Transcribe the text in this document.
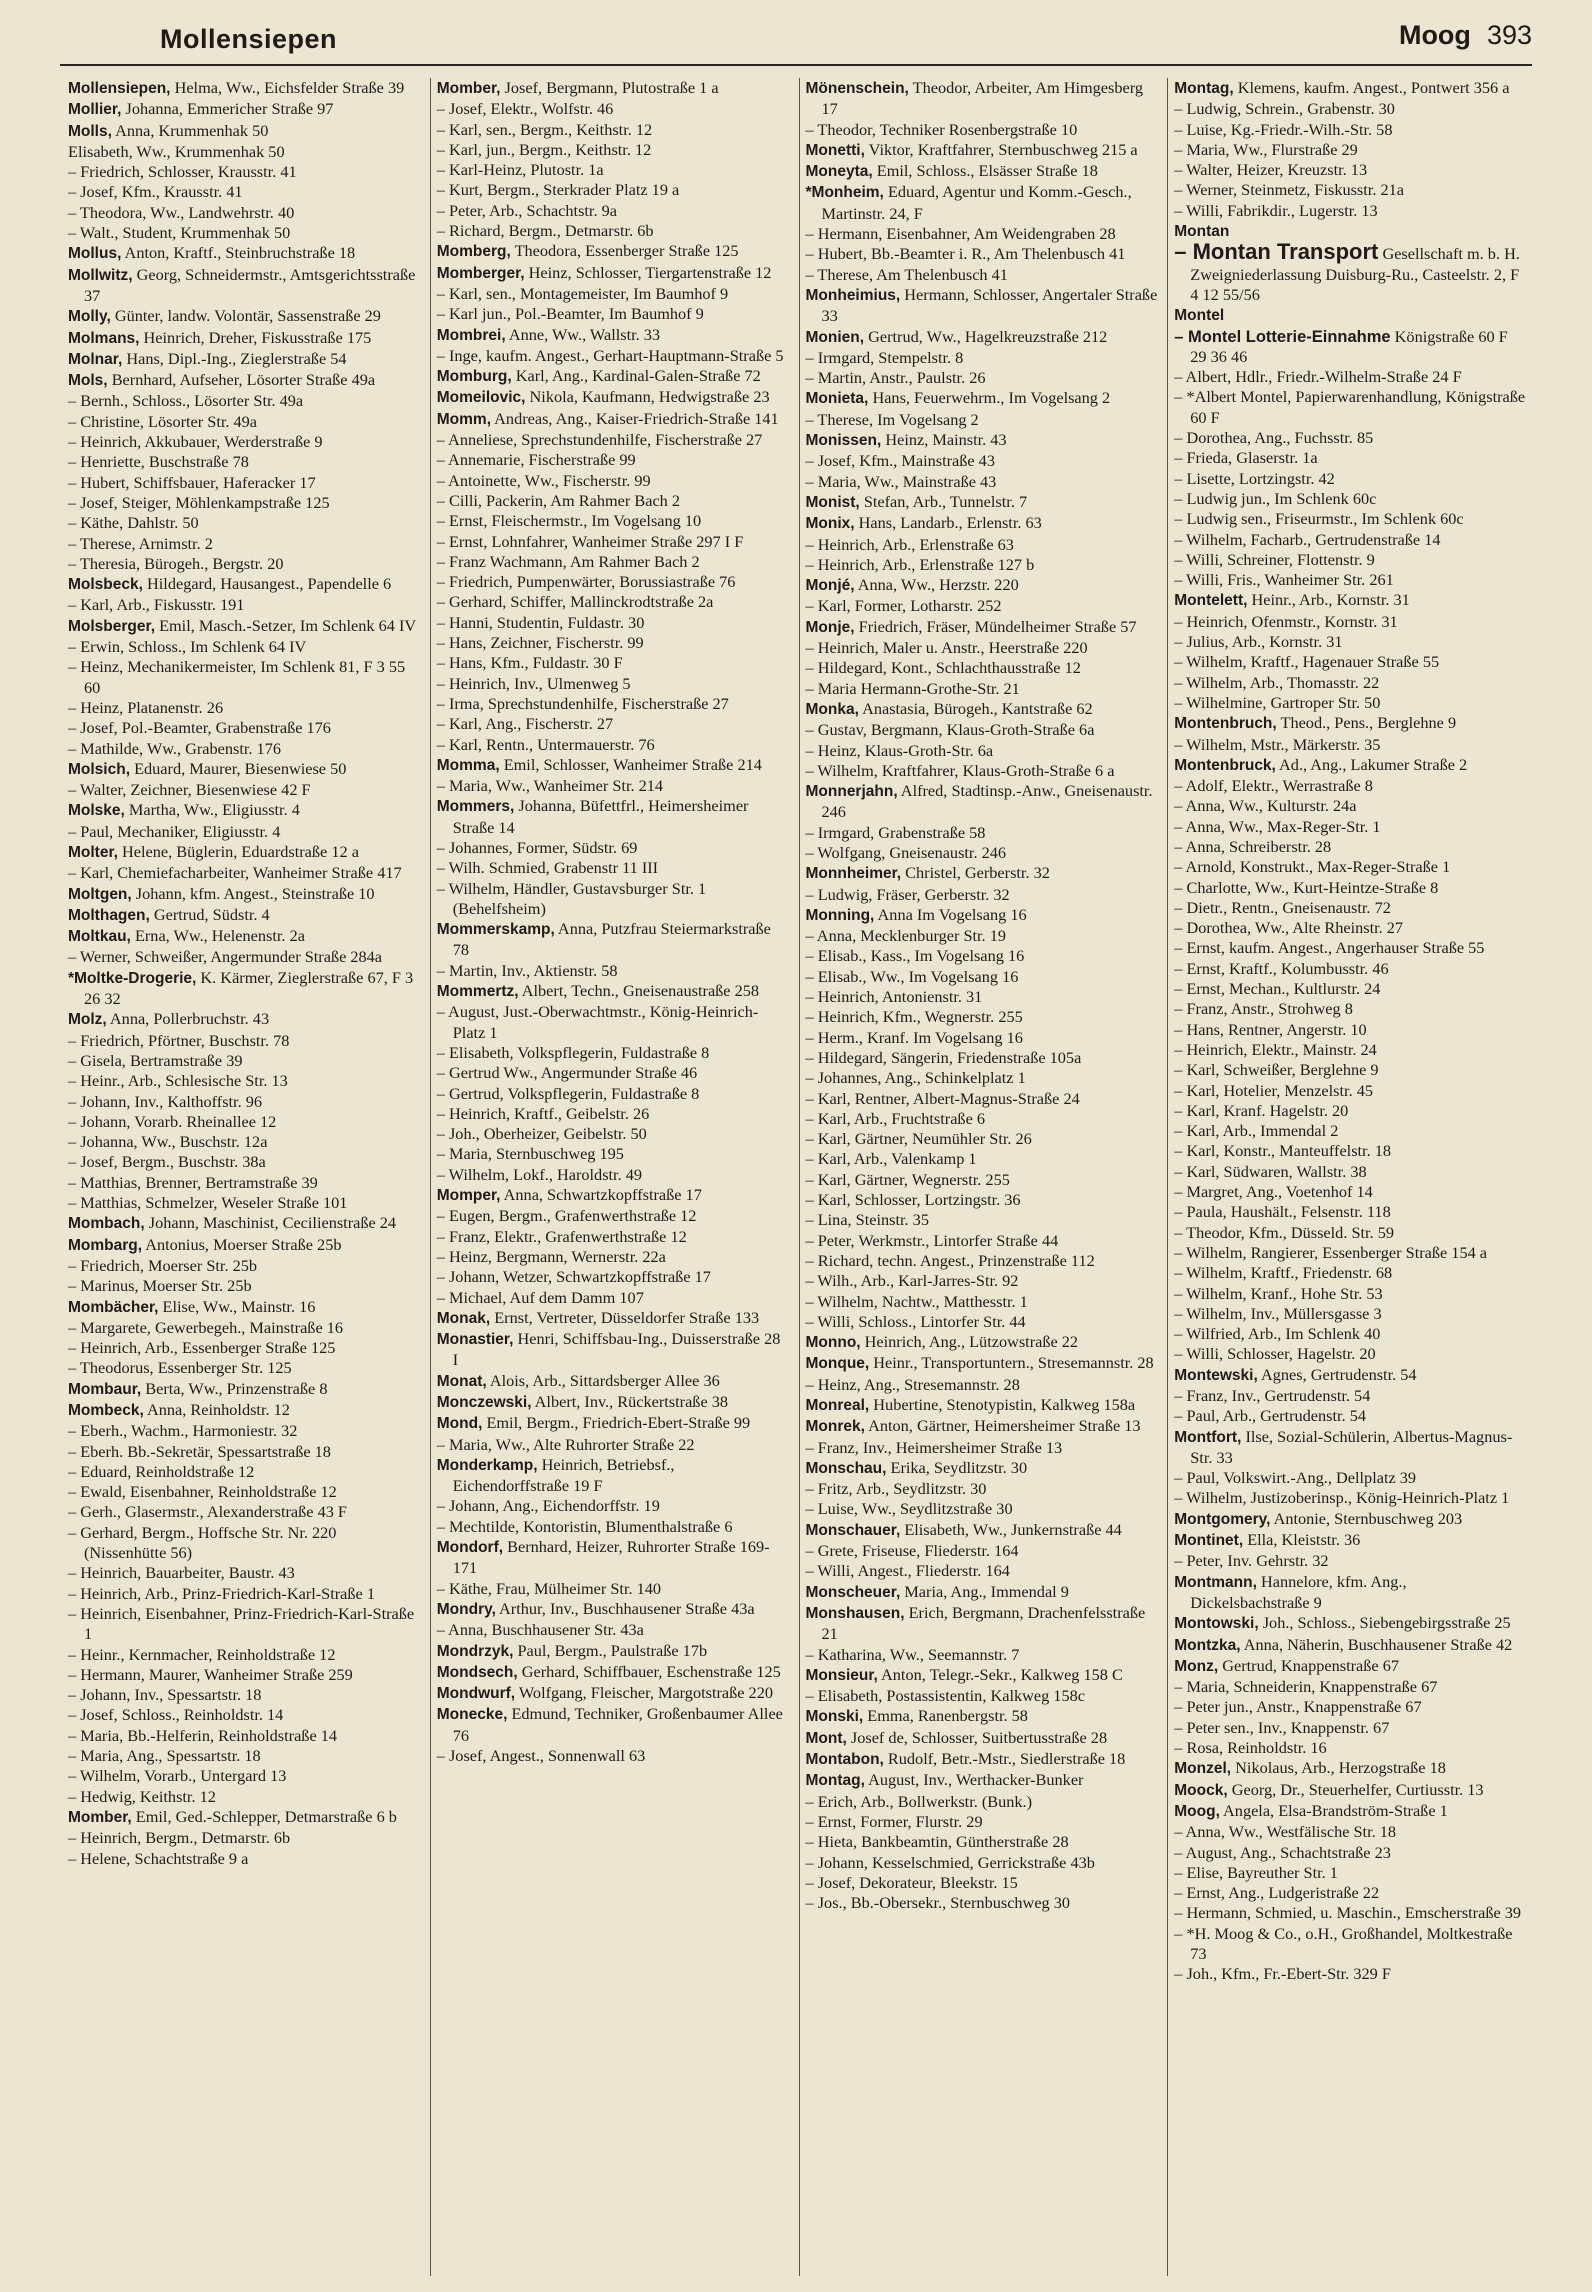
Mollensiepen	Moog 393
Mollensiepen, Helma, Ww., Eichsfelder Straße 39
Mollier, Johanna, Emmericher Straße 97
Molls, Anna, Krummenhak 50
Elisabeth, Ww., Krummenhak 50
– Friedrich, Schlosser, Krausstr. 41
– Josef, Kfm., Krausstr. 41
– Theodora, Ww., Landwehrstr. 40
– Walt., Student, Krummenhak 50
Mollus, Anton, Kraftf., Steinbruchstraße 18
Mollwitz, Georg, Schneidermstr., Amtsgerichtsstraße 37
Molly, Günter, landw. Volontär, Sassenstraße 29
Molmans, Heinrich, Dreher, Fiskusstraße 175
Molnar, Hans, Dipl.-Ing., Zieglerstraße 54
Mols, Bernhard, Aufseher, Lösorter Straße 49a
– Bernh., Schloss., Lösorter Str. 49a
– Christine, Lösorter Str. 49a
– Heinrich, Akkubauer, Werderstraße 9
– Henriette, Buschstraße 78
– Hubert, Schiffsbauer, Haferacker 17
– Josef, Steiger, Möhlenkampstraße 125
– Käthe, Dahlstr. 50
– Therese, Arnimstr. 2
– Theresia, Bürogeh., Bergstr. 20
Molsbeck, Hildegard, Hausangest., Papendelle 6
– Karl, Arb., Fiskusstr. 191
Molsberger, Emil, Masch.-Setzer, Im Schlenk 64 IV
– Erwin, Schloss., Im Schlenk 64 IV
– Heinz, Mechanikermeister, Im Schlenk 81, F 3 55 60
– Heinz, Platanenstr. 26
– Josef, Pol.-Beamter, Grabenstraße 176
– Mathilde, Ww., Grabenstr. 176
Molsich, Eduard, Maurer, Biesenwiese 50
– Walter, Zeichner, Biesenwiese 42 F
Molske, Martha, Ww., Eligiusstr. 4
– Paul, Mechaniker, Eligiusstr. 4
Molter, Helene, Büglerin, Eduardstraße 12 a
– Karl, Chemiefacharbeiter, Wanheimer Straße 417
Moltgen, Johann, kfm. Angest., Steinstraße 10
Molthagen, Gertrud, Südstr. 4
Moltkau, Erna, Ww., Helenenstr. 2a
– Werner, Schweißer, Angermunder Straße 284a
*Moltke-Drogerie, K. Kärmer, Zieglerstraße 67, F 3 26 32
Molz, Anna, Pollerbruchstr. 43
– Friedrich, Pförtner, Buschstr. 78
– Gisela, Bertramstraße 39
– Heinr., Arb., Schlesische Str. 13
– Johann, Inv., Kalthoffstr. 96
– Johann, Vorarb. Rheinallee 12
– Johanna, Ww., Buschstr. 12a
– Josef, Bergm., Buschstr. 38a
– Matthias, Brenner, Bertramstraße 39
– Matthias, Schmelzer, Weseler Straße 101
Mombach, Johann, Maschinist, Cecilienstraße 24
Mombarg, Antonius, Moerser Straße 25b
– Friedrich, Moerser Str. 25b
– Marinus, Moerser Str. 25b
Mombächer, Elise, Ww., Mainstr. 16
– Margarete, Gewerbegeh., Mainstraße 16
– Heinrich, Arb., Essenberger Straße 125
– Theodorus, Essenberger Str. 125
Mombaur, Berta, Ww., Prinzenstraße 8
Mombeck, Anna, Reinholdstr. 12
– Eberh., Wachm., Harmoniestr. 32
– Eberh. Bb.-Sekretär, Spessartstraße 18
– Eduard, Reinholdstraße 12
– Ewald, Eisenbahner, Reinholdstraße 12
– Gerh., Glasermstr., Alexanderstraße 43 F
– Gerhard, Bergm., Hoffsche Str. Nr. 220 (Nissenhütte 56)
– Heinrich, Bauarbeiter, Baustr. 43
– Heinrich, Arb., Prinz-Friedrich-Karl-Straße 1
– Heinrich, Eisenbahner, Prinz-Friedrich-Karl-Straße 1
– Heinr., Kernmacher, Reinholdstraße 12
– Hermann, Maurer, Wanheimer Straße 259
– Johann, Inv., Spessartstr. 18
– Josef, Schloss., Reinholdstr. 14
– Maria, Bb.-Helferin, Reinholdstraße 14
– Maria, Ang., Spessartstr. 18
– Wilhelm, Vorarb., Untergard 13
– Hedwig, Keithstr. 12
Momber, Emil, Ged.-Schlepper, Detmarstraße 6 b
– Heinrich, Bergm., Detmarstr. 6b
– Helene, Schachtstraße 9 a
Momber, Josef, Bergmann, Plutostraße 1 a
– Josef, Elektr., Wolfstr. 46
– Karl, sen., Bergm., Keithstr. 12
– Karl, jun., Bergm., Keithstr. 12
– Karl-Heinz, Plutostr. 1a
– Kurt, Bergm., Sterkrader Platz 19 a
– Peter, Arb., Schachtstr. 9a
– Richard, Bergm., Detmarstr. 6b
Momberg, Theodora, Essenberger Straße 125
Momberger, Heinz, Schlosser, Tiergartenstraße 12
– Karl, sen., Montagemeister, Im Baumhof 9
– Karl jun., Pol.-Beamter, Im Baumhof 9
Mombrei, Anne, Ww., Wallstr. 33
– Inge, kaufm. Angest., Gerhart-Hauptmann-Straße 5
Momburg, Karl, Ang., Kardinal-Galen-Straße 72
Momeilovic, Nikola, Kaufmann, Hedwigstraße 23
Momm, Andreas, Ang., Kaiser-Friedrich-Straße 141
– Anneliese, Sprechstundenhilfe, Fischerstraße 27
– Annemarie, Fischerstraße 99
– Antoinette, Ww., Fischerstr. 99
– Cilli, Packerin, Am Rahmer Bach 2
– Ernst, Fleischermstr., Im Vogelsang 10
– Ernst, Lohnfahrer, Wanheimer Straße 297 I F
– Franz Wachmann, Am Rahmer Bach 2
– Friedrich, Pumpenwärter, Borussiastraße 76
– Gerhard, Schiffer, Mallinckrodtstraße 2a
– Hanni, Studentin, Fuldastr. 30
– Hans, Zeichner, Fischerstr. 99
– Hans, Kfm., Fuldastr. 30 F
– Heinrich, Inv., Ulmenweg 5
– Irma, Sprechstundenhilfe, Fischerstraße 27
– Karl, Ang., Fischerstr. 27
– Karl, Rentn., Untermauerstr. 76
Momma, Emil, Schlosser, Wanheimer Straße 214
– Maria, Ww., Wanheimer Str. 214
Mommers, Johanna, Büfettfrl., Heimersheimer Straße 14
– Johannes, Former, Südstr. 69
– Wilh. Schmied, Grabenstr 11 III
– Wilhelm, Händler, Gustavsburger Str. 1 (Behelfsheim)
Mommerskamp, Anna, Putzfrau Steiermarkstraße 78
– Martin, Inv., Aktienstr. 58
Mommertz, Albert, Techn., Gneisenaustraße 258
– August, Just.-Oberwachtmstr., König-Heinrich-Platz 1
– Elisabeth, Volkspflegerin, Fuldastraße 8
– Gertrud Ww., Angermunder Straße 46
– Gertrud, Volkspflegerin, Fuldastraße 8
– Heinrich, Kraftf., Geibelstr. 26
– Joh., Oberheizer, Geibelstr. 50
– Maria, Sternbuschweg 195
– Wilhelm, Lokf., Haroldstr. 49
Momper, Anna, Schwartzkopffstraße 17
– Eugen, Bergm., Grafenwerthstraße 12
– Franz, Elektr., Grafenwerthstraße 12
– Heinz, Bergmann, Wernerstr. 22a
– Johann, Wetzer, Schwartzkopffstraße 17
– Michael, Auf dem Damm 107
Monak, Ernst, Vertreter, Düsseldorfer Straße 133
Monastier, Henri, Schiffsbau-Ing., Duisserstraße 28 I
Monat, Alois, Arb., Sittardsberger Allee 36
Monczewski, Albert, Inv., Rückertstraße 38
Mond, Emil, Bergm., Friedrich-Ebert-Straße 99
– Maria, Ww., Alte Ruhrorter Straße 22
Monderkamp, Heinrich, Betriebsf., Eichendorffstraße 19 F
– Johann, Ang., Eichendorffstr. 19
– Mechtilde, Kontoristin, Blumenthalstraße 6
Mondorf, Bernhard, Heizer, Ruhrorter Straße 169-171
– Käthe, Frau, Mülheimer Str. 140
Mondry, Arthur, Inv., Buschhausener Straße 43a
– Anna, Buschhausener Str. 43a
Mondrzyk, Paul, Bergm., Paulstraße 17b
Mondsech, Gerhard, Schiffbauer, Eschenstraße 125
Mondwurf, Wolfgang, Fleischer, Margotstraße 220
Monecke, Edmund, Techniker, Großenbaumer Allee 76
– Josef, Angest., Sonnenwall 63
Mönenschein, Theodor, Arbeiter, Am Himgesberg 17
– Theodor, Techniker Rosenbergstraße 10
Monetti, Viktor, Kraftfahrer, Sternbuschweg 215 a
Moneyta, Emil, Schloss., Elsässer Straße 18
*Monheim, Eduard, Agentur und Komm.-Gesch., Martinstr. 24, F
– Hermann, Eisenbahner, Am Weidengraben 28
– Hubert, Bb.-Beamter i. R., Am Thelenbusch 41
– Therese, Am Thelenbusch 41
Monheimius, Hermann, Schlosser, Angertaler Straße 33
Monien, Gertrud, Ww., Hagelkreuzstraße 212
– Irmgard, Stempelstr. 8
– Martin, Anstr., Paulstr. 26
Monieta, Hans, Feuerwehrm., Im Vogelsang 2
– Therese, Im Vogelsang 2
Monissen, Heinz, Mainstr. 43
– Josef, Kfm., Mainstraße 43
– Maria, Ww., Mainstraße 43
Monist, Stefan, Arb., Tunnelstr. 7
Monix, Hans, Landarb., Erlenstr. 63
– Heinrich, Arb., Erlenstraße 63
– Heinrich, Arb., Erlenstraße 127 b
Monjé, Anna, Ww., Herzstr. 220
– Karl, Former, Lotharstr. 252
Monje, Friedrich, Fräser, Mündelheimer Straße 57
– Heinrich, Maler u. Anstr., Heerstraße 220
– Hildegard, Kont., Schlachthausstraße 12
– Maria Hermann-Grothe-Str. 21
Monka, Anastasia, Bürogeh., Kantstraße 62
– Gustav, Bergmann, Klaus-Groth-Straße 6a
– Heinz, Klaus-Groth-Str. 6a
– Wilhelm, Kraftfahrer, Klaus-Groth-Straße 6 a
Monnerjahn, Alfred, Stadtinsp.-Anw., Gneisenaustr. 246
– Irmgard, Grabenstraße 58
– Wolfgang, Gneisenaustr. 246
Monnheimer, Christel, Gerberstr. 32
– Ludwig, Fräser, Gerberstr. 32
Monning, Anna Im Vogelsang 16
– Anna, Mecklenburger Str. 19
– Elisab., Kass., Im Vogelsang 16
– Elisab., Ww., Im Vogelsang 16
– Heinrich, Antonienstr. 31
– Heinrich, Kfm., Wegnerstr. 255
– Herm., Kranf. Im Vogelsang 16
– Hildegard, Sängerin, Friedenstraße 105a
– Johannes, Ang., Schinkelplatz 1
– Karl, Rentner, Albert-Magnus-Straße 24
– Karl, Arb., Fruchtstraße 6
– Karl, Gärtner, Neumühler Str. 26
– Karl, Arb., Valenkamp 1
– Karl, Gärtner, Wegnerstr. 255
– Karl, Schlosser, Lortzingstr. 36
– Lina, Steinstr. 35
– Peter, Werkmstr., Lintorfer Straße 44
– Richard, techn. Angest., Prinzenstraße 112
– Wilh., Arb., Karl-Jarres-Str. 92
– Wilhelm, Nachtw., Matthesstr. 1
– Willi, Schloss., Lintorfer Str. 44
Monno, Heinrich, Ang., Lützowstraße 22
Monque, Heinr., Transportuntern., Stresemannstr. 28
– Heinz, Ang., Stresemannstr. 28
Monreal, Hubertine, Stenotypistin, Kalkweg 158a
Monrek, Anton, Gärtner, Heimersheimer Straße 13
– Franz, Inv., Heimersheimer Straße 13
Monschau, Erika, Seydlitzstr. 30
– Fritz, Arb., Seydlitzstr. 30
– Luise, Ww., Seydlitzstraße 30
Monschauer, Elisabeth, Ww., Junkernstraße 44
– Grete, Friseuse, Fliederstr. 164
– Willi, Angest., Fliederstr. 164
Monscheuer, Maria, Ang., Immendal 9
Monshausen, Erich, Bergmann, Drachenfelsstraße 21
– Katharina, Ww., Seemannstr. 7
Monsieur, Anton, Telegr.-Sekr., Kalkweg 158 C
– Elisabeth, Postassistentin, Kalkweg 158c
Monski, Emma, Ranenbergstr. 58
Mont, Josef de, Schlosser, Suitbertusstraße 28
Montabon, Rudolf, Betr.-Mstr., Siedlerstraße 18
Montag, August, Inv., Werthacker-Bunker
– Erich, Arb., Bollwerkstr. (Bunk.)
– Ernst, Former, Flurstr. 29
– Hieta, Bankbeamtin, Güntherstraße 28
– Johann, Kesselschmied, Gerrickstraße 43b
– Josef, Dekorateur, Bleekstr. 15
– Jos., Bb.-Obersekr., Sternbuschweg 30
Montag, Klemens, kaufm. Angest., Pontwert 356 a
– Ludwig, Schrein., Grabenstr. 30
– Luise, Kg.-Friedr.-Wilh.-Str. 58
– Maria, Ww., Flurstraße 29
– Walter, Heizer, Kreuzstr. 13
– Werner, Steinmetz, Fiskusstr. 21a
– Willi, Fabrikdir., Lugerstr. 13
Montan
– Montan Transport Gesellschaft m. b. H. Zweigniederlassung Duisburg-Ru., Casteelstr. 2, F 4 12 55/56
Montel
– Montel Lotterie-Einnahme Königstraße 60 F 29 36 46
– Albert, Hdlr., Friedr.-Wilhelm-Straße 24 F
– *Albert Montel, Papierwarenhandlung, Königstraße 60 F
– Dorothea, Ang., Fuchsstr. 85
– Frieda, Glaserstr. 1a
– Lisette, Lortzingstr. 42
– Ludwig jun., Im Schlenk 60c
– Ludwig sen., Friseurmstr., Im Schlenk 60c
– Wilhelm, Facharb., Gertrudenstraße 14
– Willi, Schreiner, Flottenstr. 9
– Willi, Fris., Wanheimer Str. 261
Montelett, Heinr., Arb., Kornstr. 31
– Heinrich, Ofenmstr., Kornstr. 31
– Julius, Arb., Kornstr. 31
– Wilhelm, Kraftf., Hagenauer Straße 55
– Wilhelm, Arb., Thomasstr. 22
– Wilhelmine, Gartroper Str. 50
Montenbruch, Theod., Pens., Berglehne 9
– Wilhelm, Mstr., Märkerstr. 35
Montenbruck, Ad., Ang., Lakumer Straße 2
– Adolf, Elektr., Werrastraße 8
– Anna, Ww., Kulturstr. 24a
– Anna, Ww., Max-Reger-Str. 1
– Anna, Schreiberstr. 28
– Arnold, Konstrukt., Max-Reger-Straße 1
– Charlotte, Ww., Kurt-Heintze-Straße 8
– Dietr., Rentn., Gneisenaustr. 72
– Dorothea, Ww., Alte Rheinstr. 27
– Ernst, kaufm. Angest., Angerhauser Straße 55
– Ernst, Kraftf., Kolumbusstr. 46
– Ernst, Mechan., Kultlurstr. 24
– Franz, Anstr., Strohweg 8
– Hans, Rentner, Angerstr. 10
– Heinrich, Elektr., Mainstr. 24
– Karl, Schweißer, Berglehne 9
– Karl, Hotelier, Menzelstr. 45
– Karl, Kranf. Hagelstr. 20
– Karl, Arb., Immendal 2
– Karl, Konstr., Manteuffelstr. 18
– Karl, Südwaren, Wallstr. 38
– Margret, Ang., Voetenhof 14
– Paula, Haushält., Felsenstr. 118
– Theodor, Kfm., Düsseld. Str. 59
– Wilhelm, Rangierer, Essenberger Straße 154 a
– Wilhelm, Kraftf., Friedenstr. 68
– Wilhelm, Kranf., Hohe Str. 53
– Wilhelm, Inv., Müllersgasse 3
– Wilfried, Arb., Im Schlenk 40
– Willi, Schlosser, Hagelstr. 20
Montewski, Agnes, Gertrudenstr. 54
– Franz, Inv., Gertrudenstr. 54
– Paul, Arb., Gertrudenstr. 54
Montfort, Ilse, Sozial-Schülerin, Albertus-Magnus-Str. 33
– Paul, Volkswirt.-Ang., Dellplatz 39
– Wilhelm, Justizoberinsp., König-Heinrich-Platz 1
Montgomery, Antonie, Sternbuschweg 203
Montinet, Ella, Kleiststr. 36
– Peter, Inv. Gehrstr. 32
Montmann, Hannelore, kfm. Ang., Dickelsbachstraße 9
Montowski, Joh., Schloss., Siebengebirgsstraße 25
Montzka, Anna, Näherin, Buschhausener Straße 42
Monz, Gertrud, Knappenstraße 67
– Maria, Schneiderin, Knappenstraße 67
– Peter jun., Anstr., Knappenstraße 67
– Peter sen., Inv., Knappenstr. 67
– Rosa, Reinholdstr. 16
Monzel, Nikolaus, Arb., Herzogstraße 18
Moock, Georg, Dr., Steuerhelfer, Curtiusstr. 13
Moog, Angela, Elsa-Brandström-Straße 1
– Anna, Ww., Westfälische Str. 18
– August, Ang., Schachtstraße 23
– Elise, Bayreuther Str. 1
– Ernst, Ang., Ludgeristraße 22
– Hermann, Schmied, u. Maschin., Emscherstraße 39
– *H. Moog & Co., o.H., Großhandel, Moltkestraße 73
– Joh., Kfm., Fr.-Ebert-Str. 329 F
